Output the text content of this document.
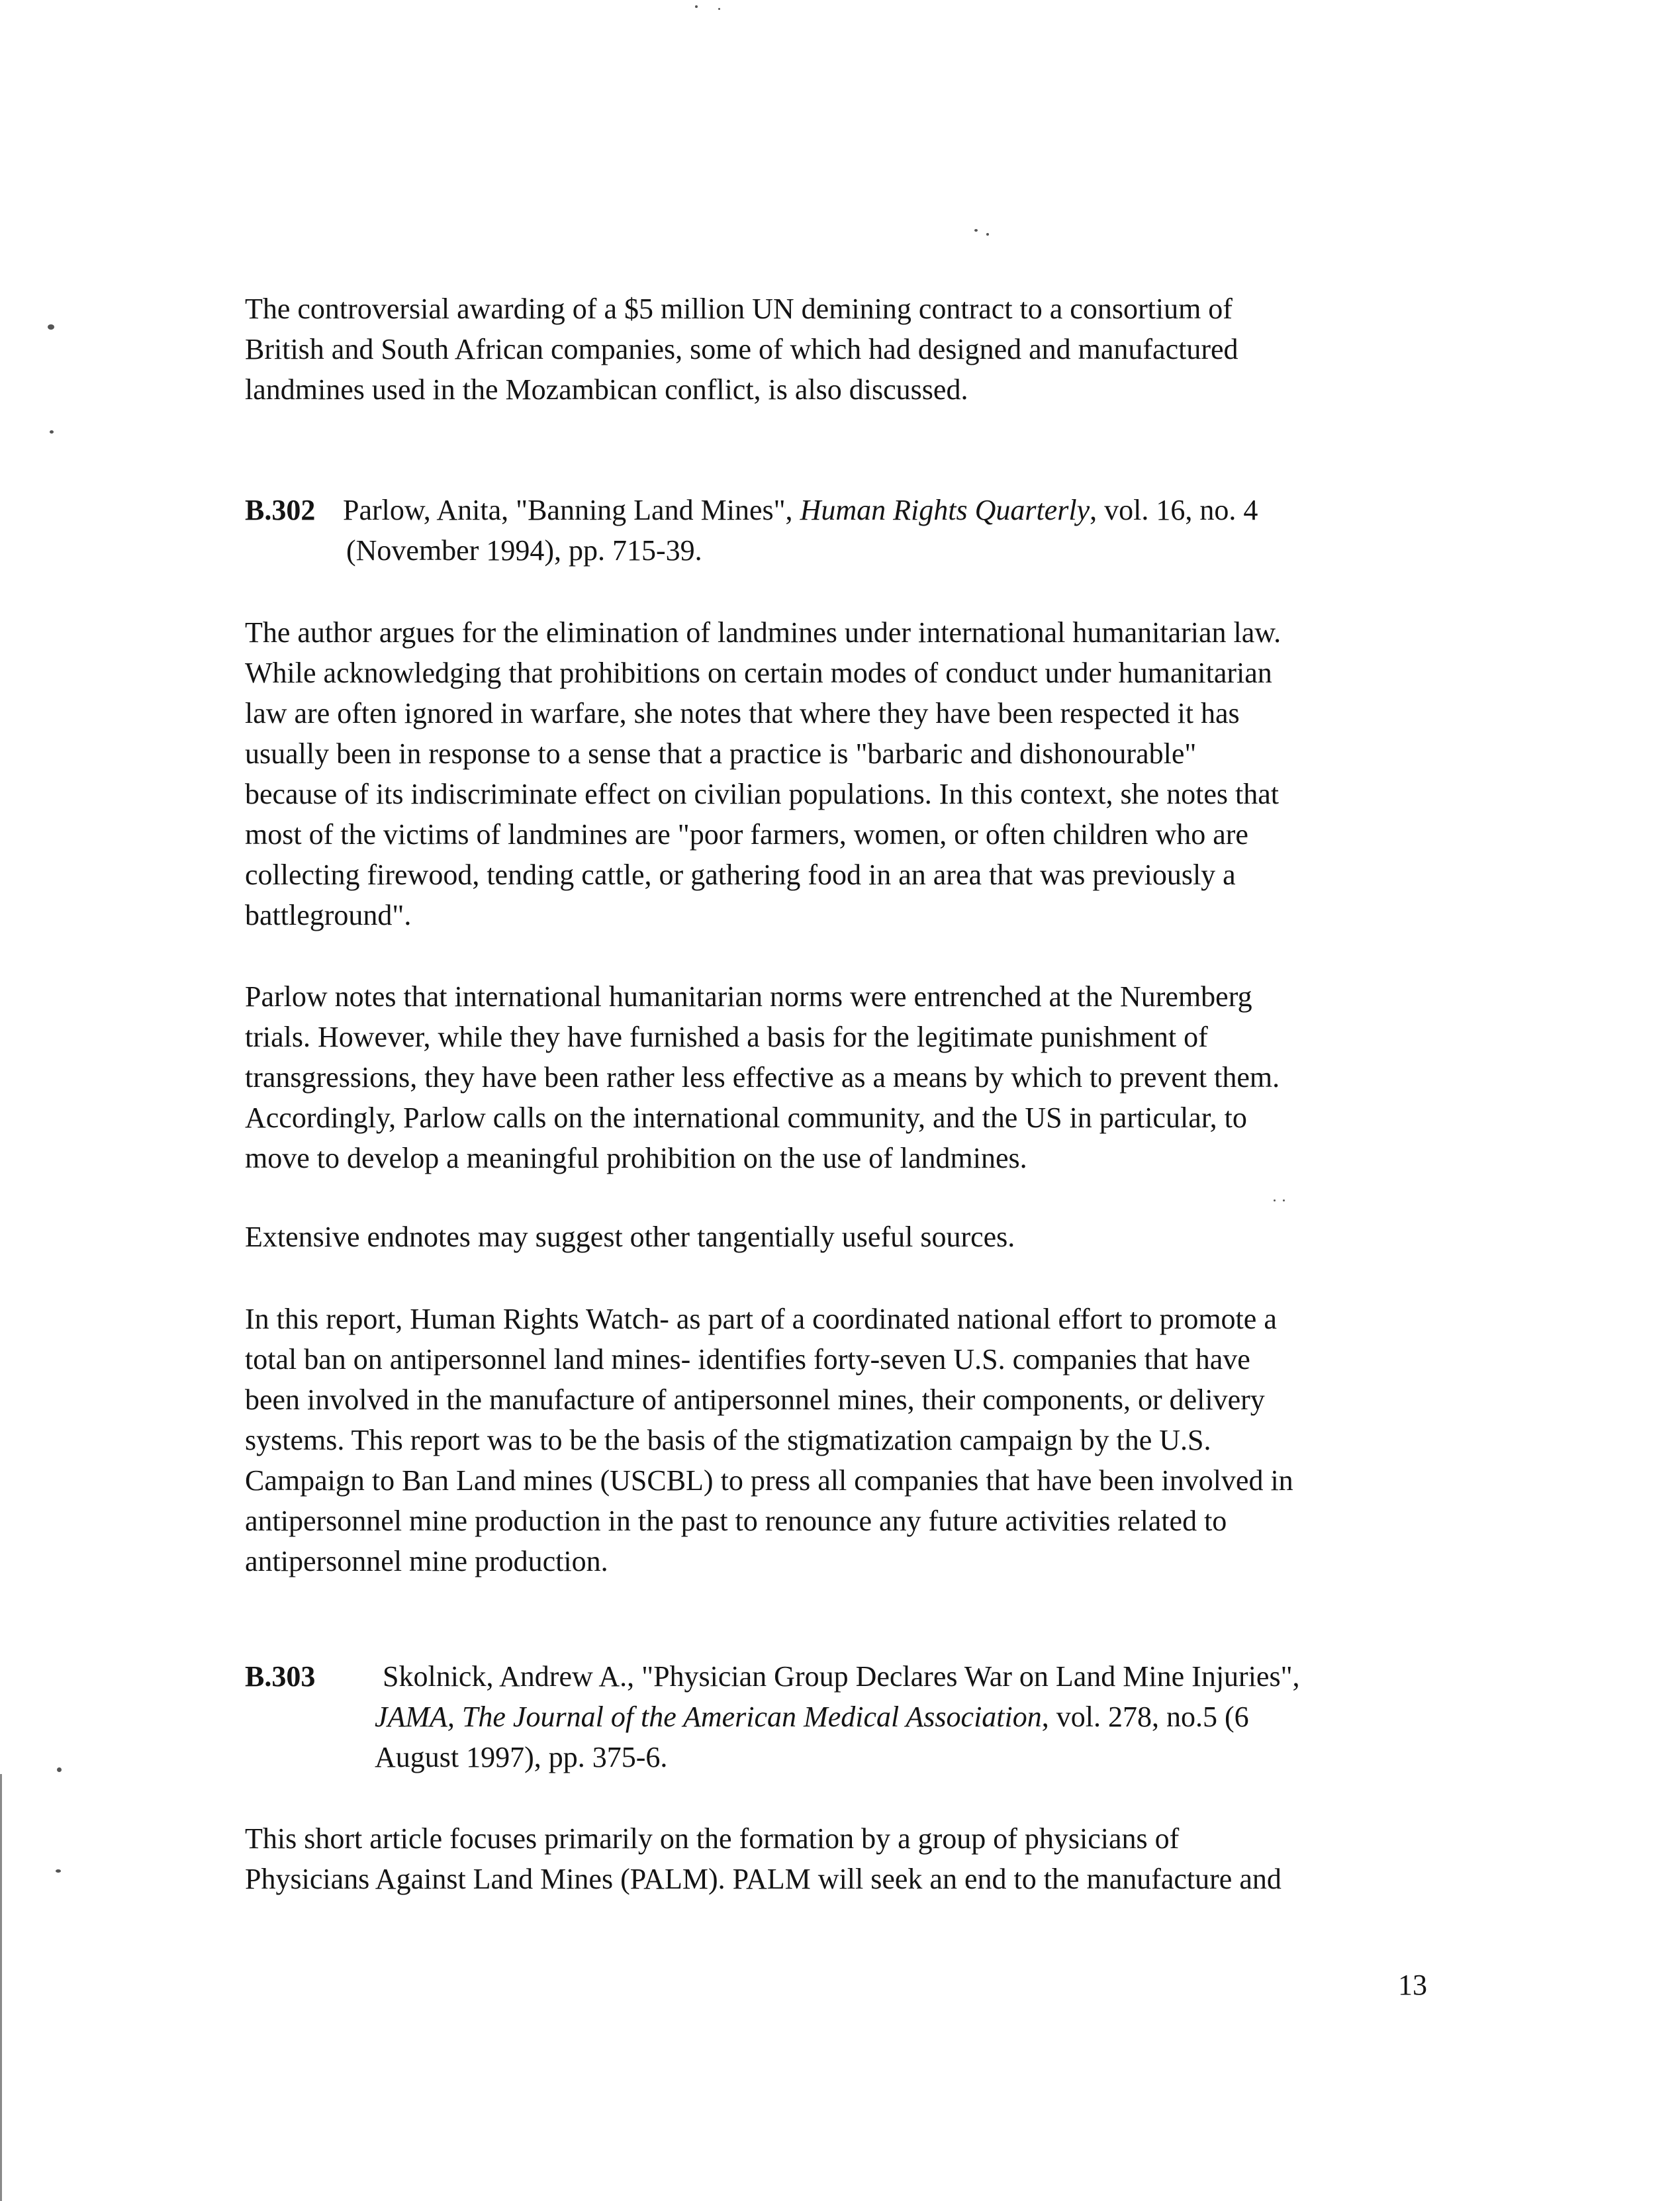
The controversial awarding of a $5 million UN demining contract to a consortium of
British and South African companies, some of which had designed and manufactured
landmines used in the Mozambican conflict, is also discussed.

B.302 Parlow, Anita, "Banning Land Mines", Human Rights Quarterly, vol. 16, no. 4
(November 1994), pp. 715-39.

The author argues for the elimination of landmines under international humanitarian law.
While acknowledging that prohibitions on certain modes of conduct under humanitarian
law are often ignored in warfare, she notes that where they have been respected it has
usually been in response to a sense that a practice is "barbaric and dishonourable"
because of its indiscriminate effect on civilian populations. In this context, she notes that
most of the victims of landmines are "poor farmers, women, or often children who are
collecting firewood, tending cattle, or gathering food in an area that was previously a
battleground".

Parlow notes that international humanitarian norms were entrenched at the Nuremberg
trials. However, while they have furnished a basis for the legitimate punishment of
transgressions, they have been rather less effective as a means by which to prevent them.
Accordingly, Parlow calls on the international community, and the US in particular, to
move to develop a meaningful prohibition on the use of landmines.

Extensive endnotes may suggest other tangentially useful sources.

In this report, Human Rights Watch- as part of a coordinated national effort to promote a
total ban on antipersonnel land mines- identifies forty-seven U.S. companies that have
been involved in the manufacture of antipersonnel mines, their components, or delivery
systems. This report was to be the basis of the stigmatization campaign by the U.S.
Campaign to Ban Land mines (USCBL) to press all companies that have been involved in
antipersonnel mine production in the past to renounce any future activities related to
antipersonnel mine production.

B.303 Skolnick, Andrew A., "Physician Group Declares War on Land Mine Injuries",
JAMA, The Journal of the American Medical Association, vol. 278, no.5 (6
August 1997), pp. 375-6.

This short article focuses primarily on the formation by a group of physicians of
Physicians Against Land Mines (PALM). PALM will seek an end to the manufacture and

13
